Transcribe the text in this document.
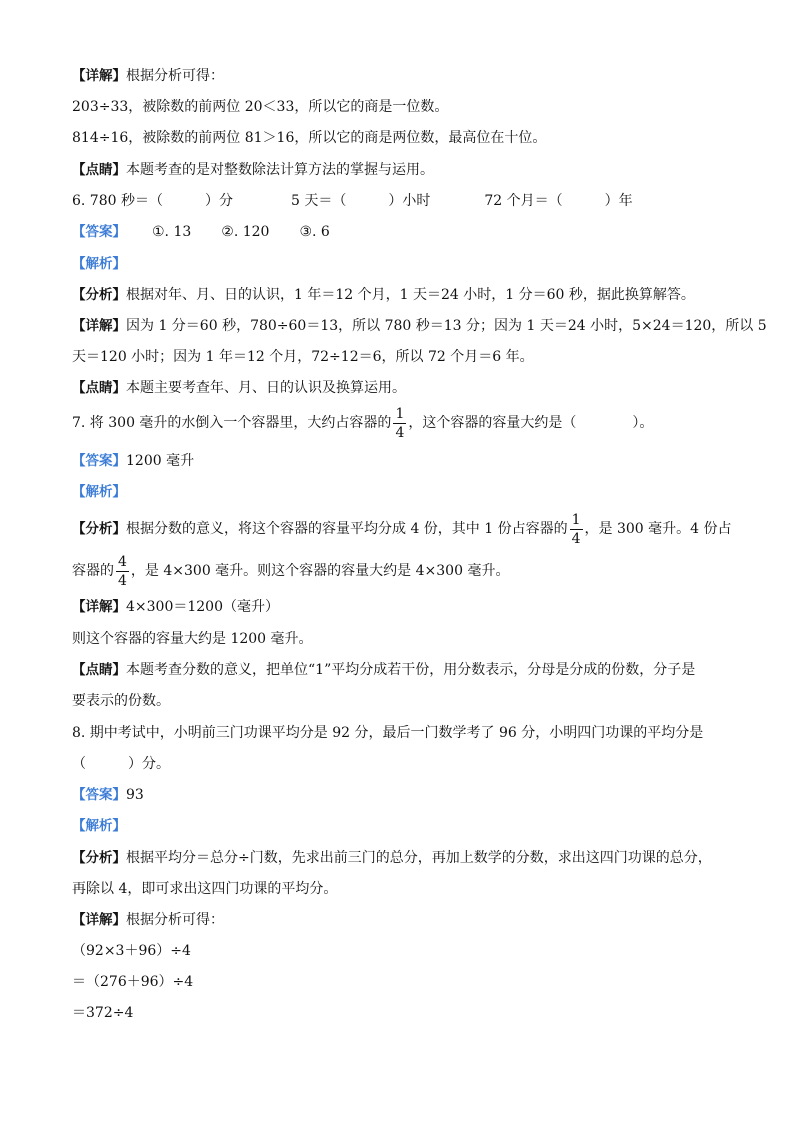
【详解】根据分析可得：
203÷33，被除数的前两位 20＜33，所以它的商是一位数。
814÷16，被除数的前两位 81＞16，所以它的商是两位数，最高位在十位。
【点睛】本题考查的是对整数除法计算方法的掌握与运用。
6. 780 秒＝（　　　）分	5 天＝（　　　）小时	72 个月＝（　　　）年
【答案】 ①. 13 ②. 120 ③. 6
【解析】
【分析】根据对年、月、日的认识，1 年＝12 个月，1 天＝24 小时，1 分＝60 秒，据此换算解答。
【详解】因为 1 分＝60 秒，780÷60＝13，所以 780 秒＝13 分；因为 1 天＝24 小时，5×24＝120，所以 5
天＝120 小时；因为 1 年＝12 个月，72÷12＝6，所以 72 个月＝6 年。
【点睛】本题主要考查年、月、日的认识及换算运用。
7. 将 300 毫升的水倒入一个容器里，大约占容器的 $\frac{1}{4}$ ，这个容器的容量大约是（　　　　）。
【答案】1200 毫升
【解析】
【分析】根据分数的意义，将这个容器的容量平均分成 4 份，其中 1 份占容器的 $\frac{1}{4}$ ，是 300 毫升。4 份占
容器的 $\frac{4}{4}$ ，是 4×300 毫升。则这个容器的容量大约是 4×300 毫升。
【详解】4×300＝1200（毫升）
则这个容器的容量大约是 1200 毫升。
【点睛】本题考查分数的意义，把单位“1”平均分成若干份，用分数表示，分母是分成的份数，分子是
要表示的份数。
8. 期中考试中，小明前三门功课平均分是 92 分，最后一门数学考了 96 分，小明四门功课的平均分是
（　　　）分。
【答案】93
【解析】
【分析】根据平均分＝总分÷门数，先求出前三门的总分，再加上数学的分数，求出这四门功课的总分，
再除以 4，即可求出这四门功课的平均分。
【详解】根据分析可得：
（92×3＋96）÷4
＝（276＋96）÷4
＝372÷4
